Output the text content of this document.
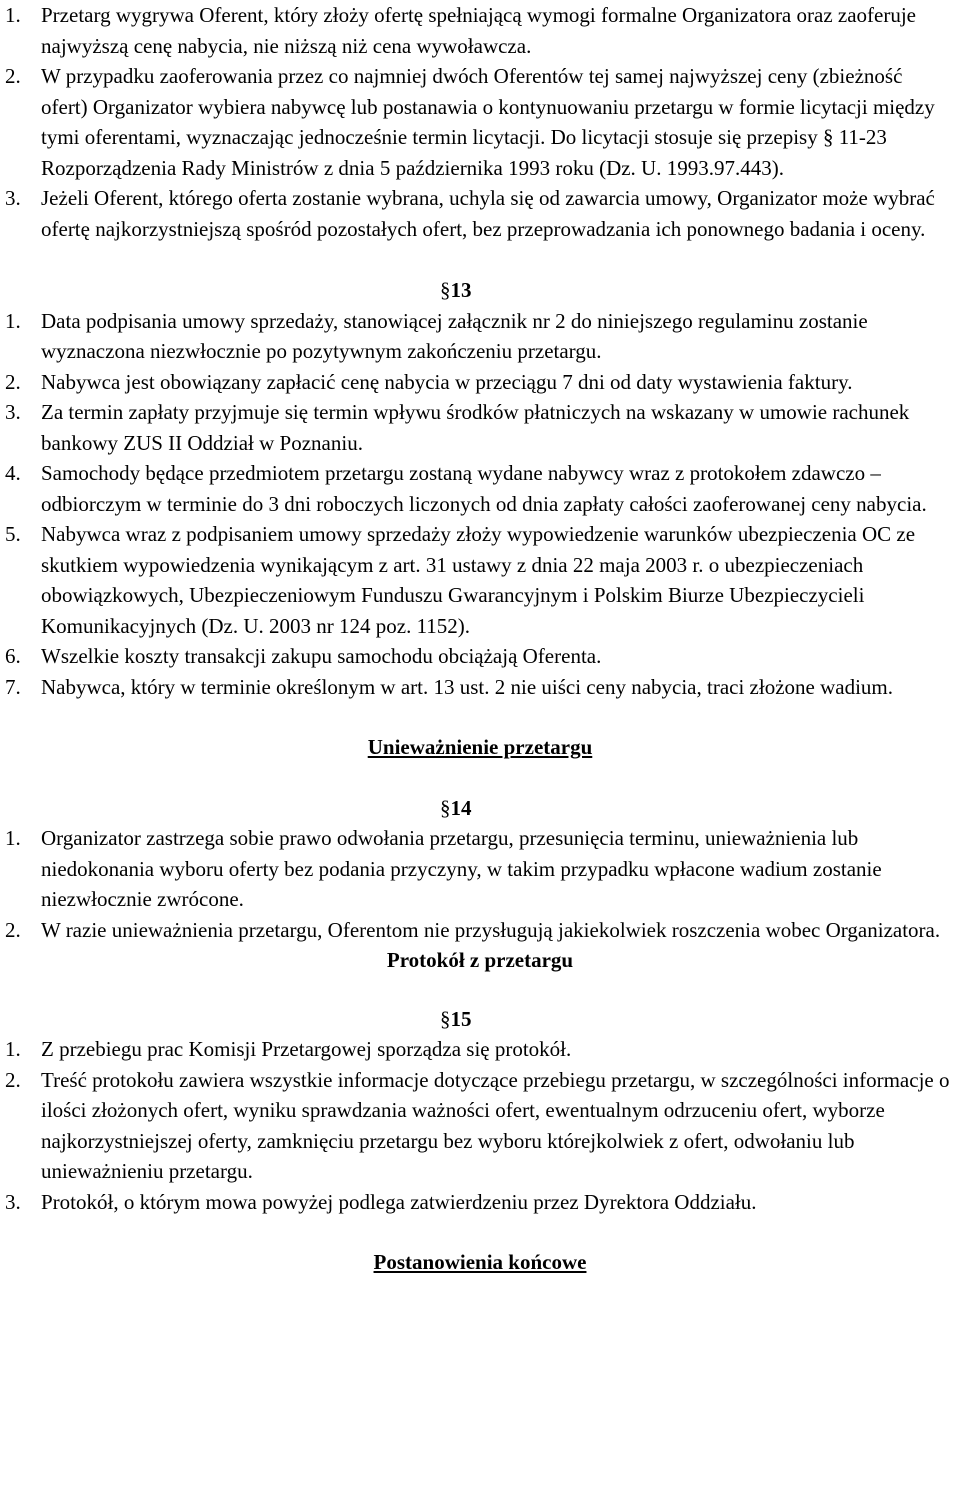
1. Przetarg wygrywa Oferent, który złoży ofertę spełniającą wymogi formalne Organizatora oraz zaoferuje najwyższą cenę nabycia, nie niższą niż cena wywoławcza.
2. W przypadku zaoferowania przez co najmniej dwóch Oferentów tej samej najwyższej ceny (zbieżność ofert) Organizator wybiera nabywcę lub postanawia o kontynuowaniu przetargu w formie licytacji między tymi oferentami, wyznaczając jednocześnie termin licytacji. Do licytacji stosuje się przepisy § 11-23 Rozporządzenia Rady Ministrów z dnia 5 października 1993 roku (Dz. U. 1993.97.443).
3. Jeżeli Oferent, którego oferta zostanie wybrana, uchyla się od zawarcia umowy, Organizator może wybrać ofertę najkorzystniejszą spośród pozostałych ofert, bez przeprowadzania ich ponownego badania i oceny.
§13
1. Data podpisania umowy sprzedaży, stanowiącej załącznik nr 2 do niniejszego regulaminu zostanie wyznaczona niezwłocznie po pozytywnym zakończeniu przetargu.
2. Nabywca jest obowiązany zapłacić cenę nabycia w przeciągu 7 dni od daty wystawienia faktury.
3. Za termin zapłaty przyjmuje się termin wpływu środków płatniczych na wskazany w umowie rachunek bankowy ZUS II Oddział w Poznaniu.
4. Samochody będące przedmiotem przetargu zostaną wydane nabywcy wraz z protokołem zdawczo – odbiorczym w terminie do 3 dni roboczych liczonych od dnia zapłaty całości zaoferowanej ceny nabycia.
5. Nabywca wraz z podpisaniem umowy sprzedaży złoży wypowiedzenie warunków ubezpieczenia OC ze skutkiem wypowiedzenia wynikającym z art. 31 ustawy z dnia 22 maja 2003 r. o ubezpieczeniach obowiązkowych, Ubezpieczeniowym Funduszu Gwarancyjnym i Polskim Biurze Ubezpieczycieli Komunikacyjnych (Dz. U. 2003 nr 124 poz. 1152).
6. Wszelkie koszty transakcji zakupu samochodu obciążają Oferenta.
7. Nabywca, który w terminie określonym w art. 13 ust. 2 nie uiści ceny nabycia, traci złożone wadium.
Unieważnienie przetargu
§14
1. Organizator zastrzega sobie prawo odwołania przetargu, przesunięcia terminu, unieważnienia lub niedokonania wyboru oferty bez podania przyczyny, w takim przypadku wpłacone wadium zostanie niezwłocznie zwrócone.
2. W razie unieważnienia przetargu, Oferentom nie przysługują jakiekolwiek roszczenia wobec Organizatora.
Protokół z przetargu
§15
1. Z przebiegu prac Komisji Przetargowej sporządza się protokół.
2. Treść protokołu zawiera wszystkie informacje dotyczące przebiegu przetargu, w szczególności informacje o ilości złożonych ofert, wyniku sprawdzania ważności ofert, ewentualnym odrzuceniu ofert, wyborze najkorzystniejszej oferty, zamknięciu przetargu bez wyboru którejkolwiek z ofert, odwołaniu lub unieważnieniu przetargu.
3. Protokół, o którym mowa powyżej podlega zatwierdzeniu przez Dyrektora Oddziału.
Postanowienia końcowe
